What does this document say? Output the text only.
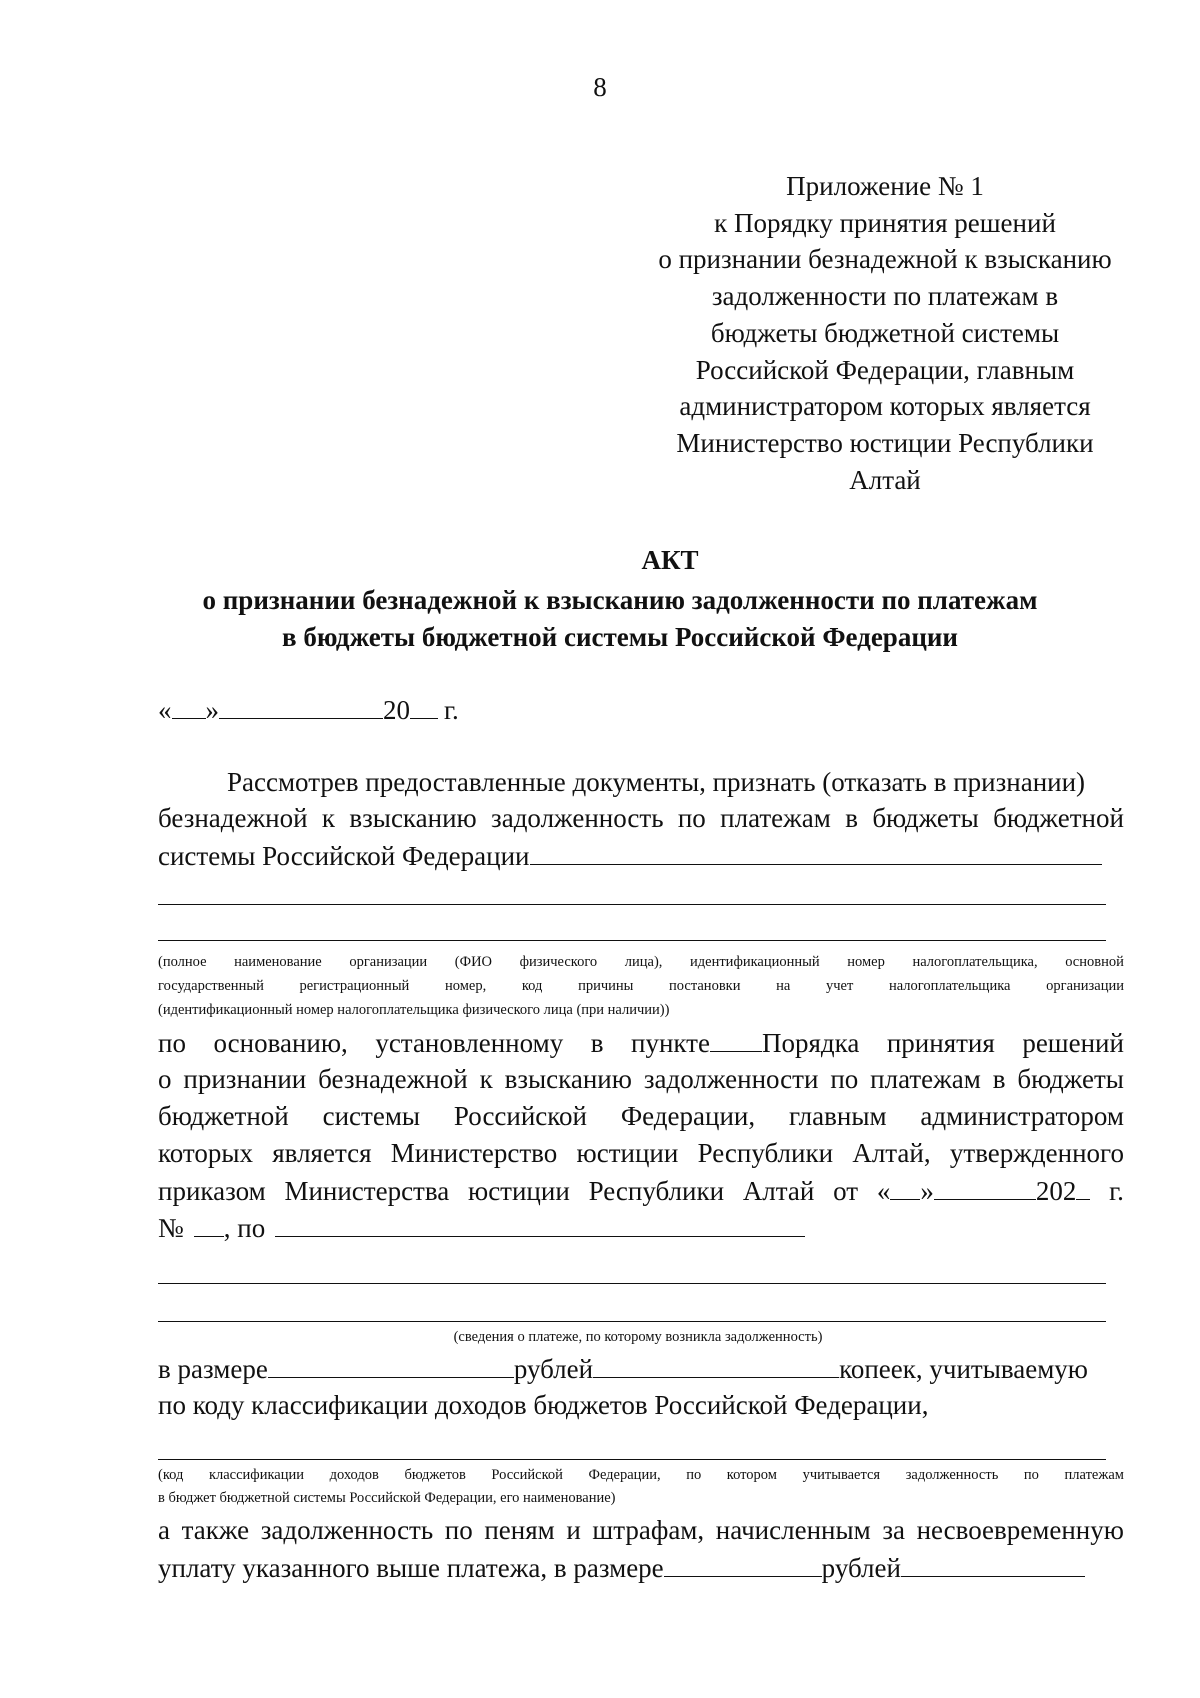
8
Приложение № 1
к Порядку принятия решений
о признании безнадежной к взысканию
задолженности по платежам в
бюджеты бюджетной системы
Российской Федерации, главным
администратором которых является
Министерство юстиции Республики
Алтай
АКТ
о признании безнадежной к взысканию задолженности по платежам
в бюджеты бюджетной системы Российской Федерации
« »	20 г.
Рассмотрев предоставленные документы, признать (отказать в признании)
безнадежной к взысканию задолженность по платежам в бюджеты бюджетной
системы Российской Федерации
(полное наименование организации (ФИО физического лица), идентификационный номер налогоплательщика, основной
государственный регистрационный номер, код причины постановки на учет налогоплательщика организации
(идентификационный номер налогоплательщика физического лица (при наличии))
по основанию, установленному в пункте Порядка принятия решений
о признании безнадежной к взысканию задолженности по платежам в бюджеты
бюджетной системы Российской Федерации, главным администратором
которых является Министерство юстиции Республики Алтай, утвержденного
приказом Министерства юстиции Республики Алтай от « »	202	г.
№ , по
(сведения о платеже, по которому возникла задолженность)
в размере	рублей	копеек, учитываемую
по коду классификации доходов бюджетов Российской Федерации,
(код классификации доходов бюджетов Российской Федерации, по котором учитывается задолженность по платежам
в бюджет бюджетной системы Российской Федерации, его наименование)
а также задолженность по пеням и штрафам, начисленным за несвоевременную
уплату указанного выше платежа, в размере	рублей
